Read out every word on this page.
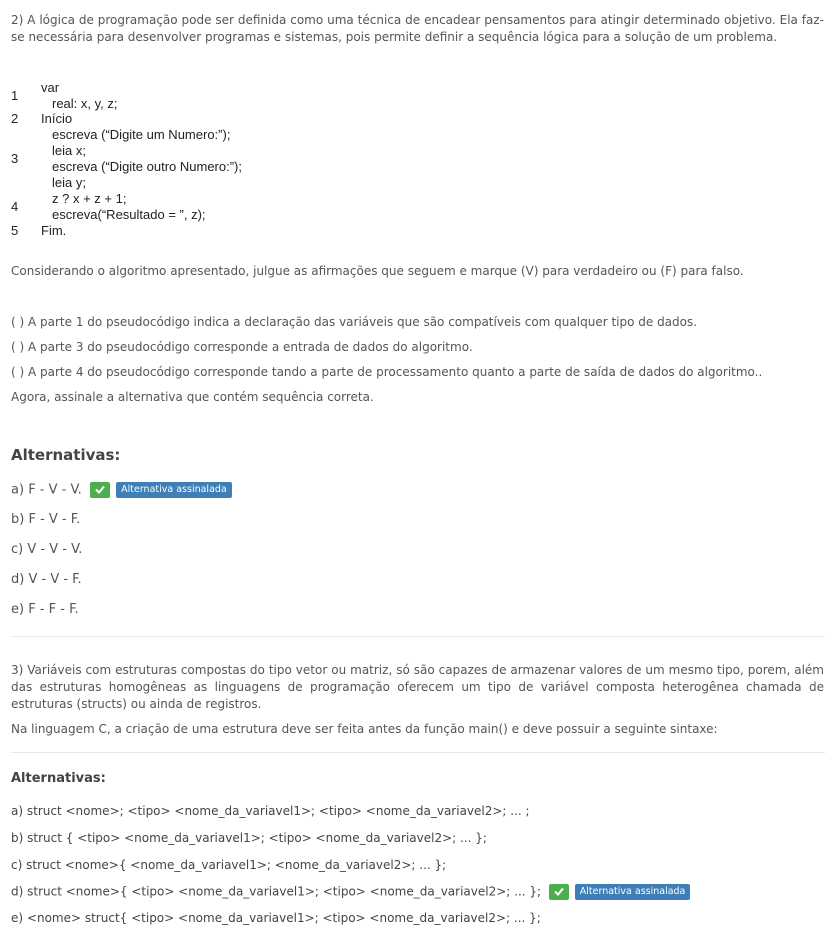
2) A lógica de programação pode ser definida como uma técnica de encadear pensamentos para atingir determinado objetivo. Ela faz-se necessária para desenvolver programas e sistemas, pois permite definir a sequência lógica para a solução de um problema.
1
2
3
4
5
var
real: x, y, z;
Início
escreva (“Digite um Numero:”);
leia x;
escreva (“Digite outro Numero:”);
leia y;
z ? x + z + 1;
escreva(“Resultado = ”, z);
Fim.
Considerando o algoritmo apresentado, julgue as afirmações que seguem e marque (V) para verdadeiro ou (F) para falso.
( ) A parte 1 do pseudocódigo indica a declaração das variáveis que são compatíveis com qualquer tipo de dados.
( ) A parte 3 do pseudocódigo corresponde a entrada de dados do algoritmo.
( ) A parte 4 do pseudocódigo corresponde tando a parte de processamento quanto a parte de saída de dados do algoritmo..
Agora, assinale a alternativa que contém sequência correta.
Alternativas:
a) F - V - V.	Alternativa assinalada
b) F - V - F.
c) V - V - V.
d) V - V - F.
e) F - F - F.
3) Variáveis com estruturas compostas do tipo vetor ou matriz, só são capazes de armazenar valores de um mesmo tipo, porem, além das estruturas homogêneas as linguagens de programação oferecem um tipo de variável composta heterogênea chamada de estruturas (structs) ou ainda de registros.
Na linguagem C, a criação de uma estrutura deve ser feita antes da função main() e deve possuir a seguinte sintaxe:
Alternativas:
a) struct <nome>; <tipo> <nome_da_variavel1>; <tipo> <nome_da_variavel2>; ... ;
b) struct { <tipo> <nome_da_variavel1>; <tipo> <nome_da_variavel2>; ... };
c) struct <nome>{ <nome_da_variavel1>; <nome_da_variavel2>; ... };
d) struct <nome>{ <tipo> <nome_da_variavel1>; <tipo> <nome_da_variavel2>; ... };	Alternativa assinalada
e) <nome> struct{ <tipo> <nome_da_variavel1>; <tipo> <nome_da_variavel2>; ... };
